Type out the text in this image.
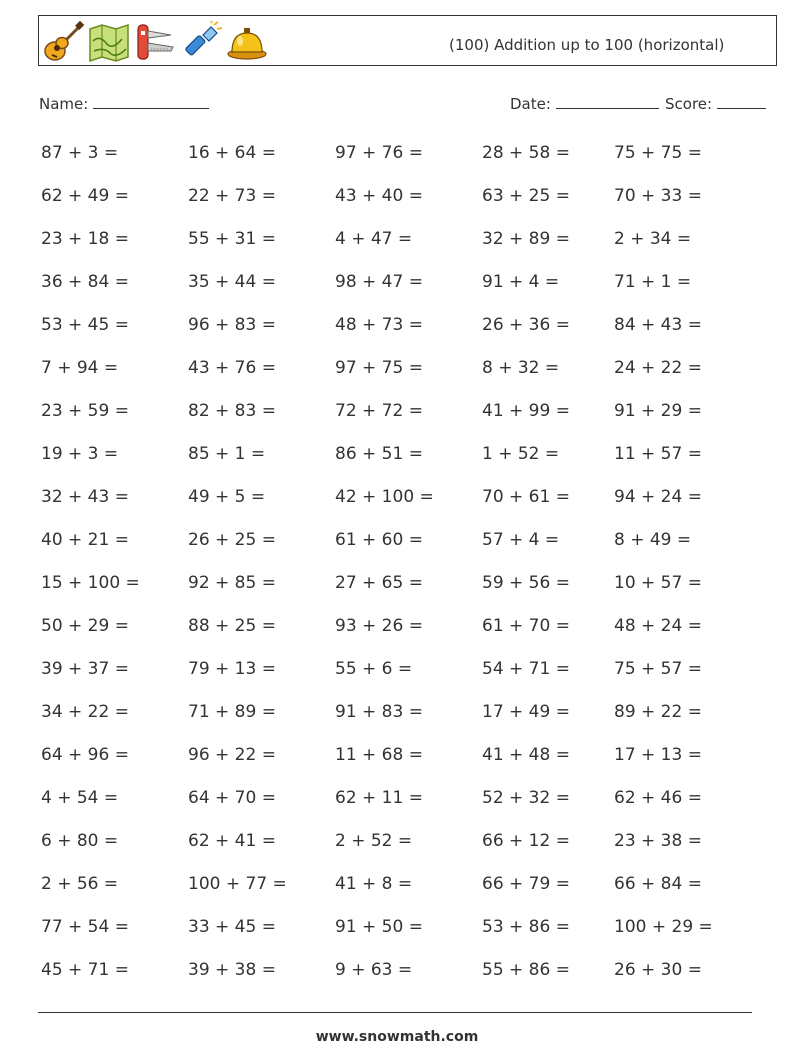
(100) Addition up to 100 (horizontal)
Name:	Date:	Score:
87 + 3 =	16 + 64 =	97 + 76 =	28 + 58 =	75 + 75 =
62 + 49 =	22 + 73 =	43 + 40 =	63 + 25 =	70 + 33 =
23 + 18 =	55 + 31 =	4 + 47 =	32 + 89 =	2 + 34 =
36 + 84 =	35 + 44 =	98 + 47 =	91 + 4 =	71 + 1 =
53 + 45 =	96 + 83 =	48 + 73 =	26 + 36 =	84 + 43 =
7 + 94 =	43 + 76 =	97 + 75 =	8 + 32 =	24 + 22 =
23 + 59 =	82 + 83 =	72 + 72 =	41 + 99 =	91 + 29 =
19 + 3 =	85 + 1 =	86 + 51 =	1 + 52 =	11 + 57 =
32 + 43 =	49 + 5 =	42 + 100 =	70 + 61 =	94 + 24 =
40 + 21 =	26 + 25 =	61 + 60 =	57 + 4 =	8 + 49 =
15 + 100 =	92 + 85 =	27 + 65 =	59 + 56 =	10 + 57 =
50 + 29 =	88 + 25 =	93 + 26 =	61 + 70 =	48 + 24 =
39 + 37 =	79 + 13 =	55 + 6 =	54 + 71 =	75 + 57 =
34 + 22 =	71 + 89 =	91 + 83 =	17 + 49 =	89 + 22 =
64 + 96 =	96 + 22 =	11 + 68 =	41 + 48 =	17 + 13 =
4 + 54 =	64 + 70 =	62 + 11 =	52 + 32 =	62 + 46 =
6 + 80 =	62 + 41 =	2 + 52 =	66 + 12 =	23 + 38 =
2 + 56 =	100 + 77 =	41 + 8 =	66 + 79 =	66 + 84 =
77 + 54 =	33 + 45 =	91 + 50 =	53 + 86 =	100 + 29 =
45 + 71 =	39 + 38 =	9 + 63 =	55 + 86 =	26 + 30 =
www.snowmath.com
